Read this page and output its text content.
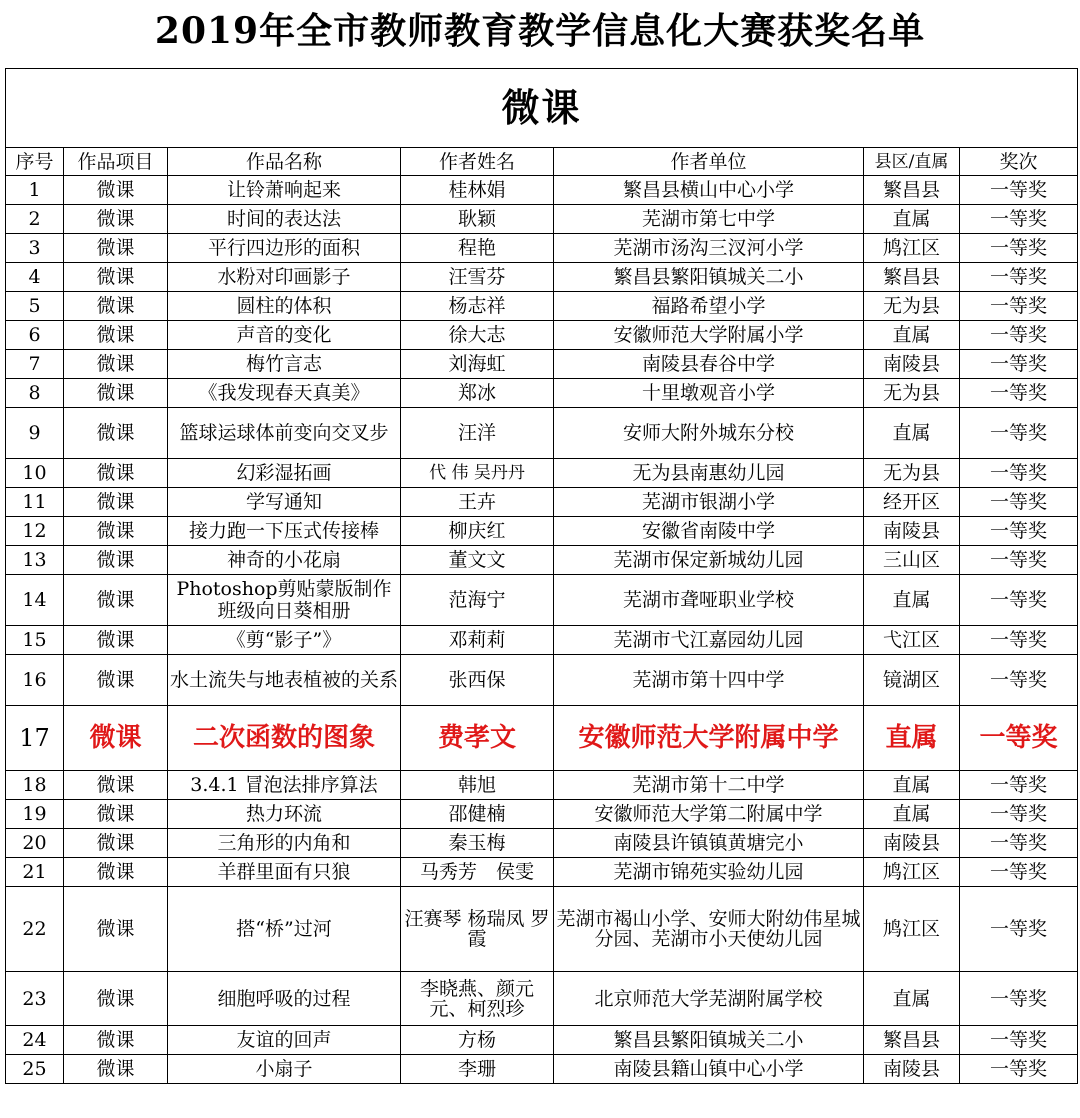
2019年全市教师教育教学信息化大赛获奖名单
微课						
序号	作品项目	作品名称	作者姓名	作者单位	县区/直属	奖次
1	微课	让铃萧响起来	桂林娟	繁昌县横山中心小学	繁昌县	一等奖
2	微课	时间的表达法	耿颖	芜湖市第七中学	直属	一等奖
3	微课	平行四边形的面积	程艳	芜湖市汤沟三汊河小学	鸠江区	一等奖
4	微课	水粉对印画影子	汪雪芬	繁昌县繁阳镇城关二小	繁昌县	一等奖
5	微课	圆柱的体积	杨志祥	福路希望小学	无为县	一等奖
6	微课	声音的变化	徐大志	安徽师范大学附属小学	直属	一等奖
7	微课	梅竹言志	刘海虹	南陵县春谷中学	南陵县	一等奖
8	微课	《我发现春天真美》	郑冰	十里墩观音小学	无为县	一等奖
9	微课	篮球运球体前变向交叉步	汪洋	安师大附外城东分校	直属	一等奖
10	微课	幻彩湿拓画	代 伟 吴丹丹	无为县南惠幼儿园	无为县	一等奖
11	微课	学写通知	王卉	芜湖市银湖小学	经开区	一等奖
12	微课	接力跑一下压式传接棒	柳庆红	安徽省南陵中学	南陵县	一等奖
13	微课	神奇的小花扇	董文文	芜湖市保定新城幼儿园	三山区	一等奖
14	微课	Photoshop剪贴蒙版制作班级向日葵相册	范海宁	芜湖市聋哑职业学校	直属	一等奖
15	微课	《剪“影子”》	邓莉莉	芜湖市弋江嘉园幼儿园	弋江区	一等奖
16	微课	水土流失与地表植被的关系	张西保	芜湖市第十四中学	镜湖区	一等奖
17	微课	二次函数的图象	费孝文	安徽师范大学附属中学	直属	一等奖
18	微课	3.4.1 冒泡法排序算法	韩旭	芜湖市第十二中学	直属	一等奖
19	微课	热力环流	邵健楠	安徽师范大学第二附属中学	直属	一等奖
20	微课	三角形的内角和	秦玉梅	南陵县许镇镇黄塘完小	南陵县	一等奖
21	微课	羊群里面有只狼	马秀芳　侯雯	芜湖市锦苑实验幼儿园	鸠江区	一等奖
22	微课	搭“桥”过河	汪赛琴 杨瑞凤 罗霞	芜湖市褐山小学、安师大附幼伟星城分园、芜湖市小天使幼儿园	鸠江区	一等奖
23	微课	细胞呼吸的过程	李晓燕、颜元元、柯烈珍	北京师范大学芜湖附属学校	直属	一等奖
24	微课	友谊的回声	方杨	繁昌县繁阳镇城关二小	繁昌县	一等奖
25	微课	小扇子	李珊	南陵县籍山镇中心小学	南陵县	一等奖
